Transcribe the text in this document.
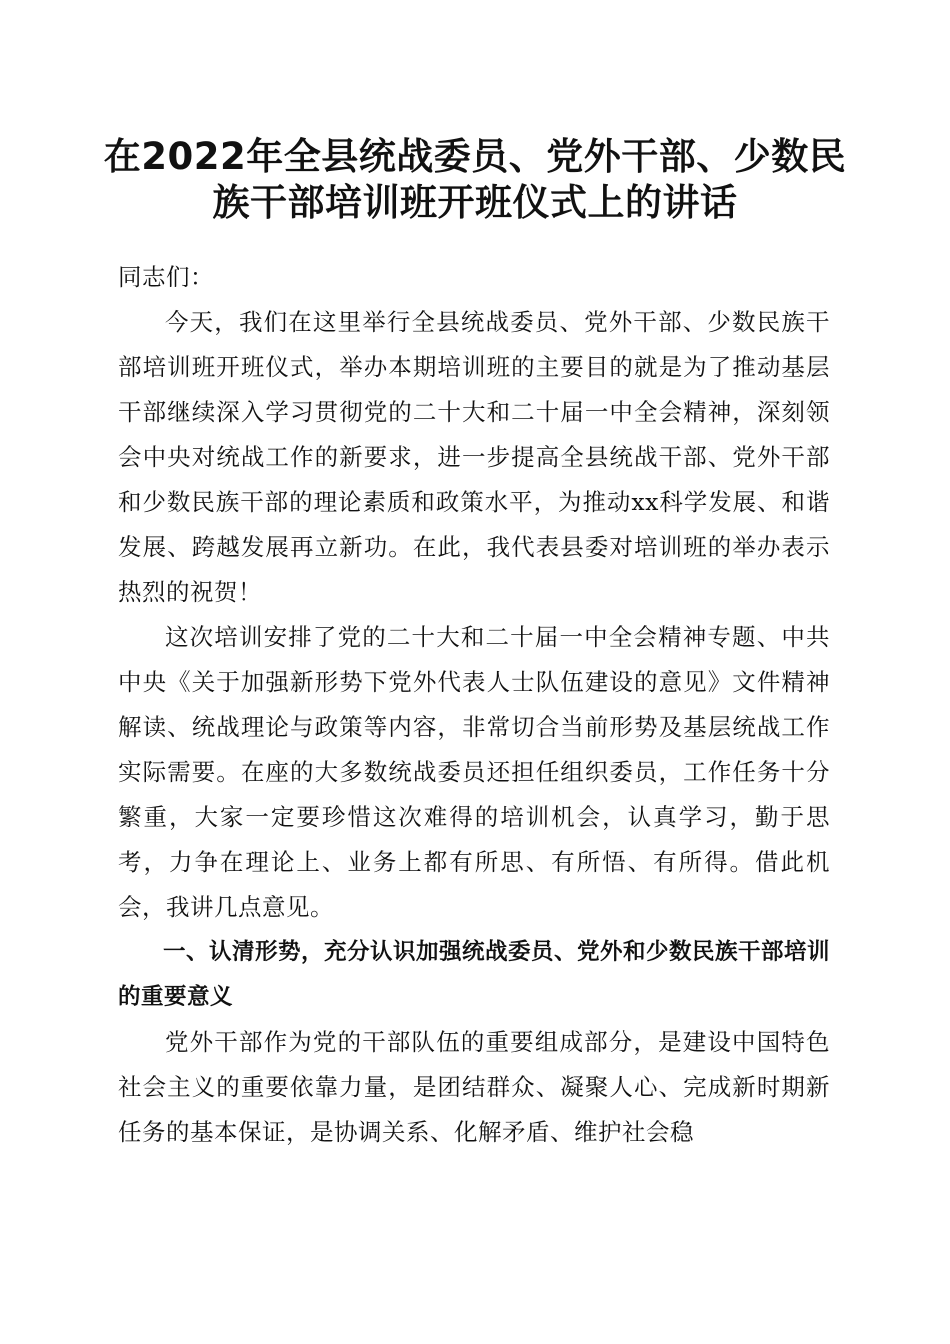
在2022年全县统战委员、党外干部、少数民
族干部培训班开班仪式上的讲话

同志们：

今天，我们在这里举行全县统战委员、党外干部、少数民族干部培训班开班仪式，举办本期培训班的主要目的就是为了推动基层干部继续深入学习贯彻党的二十大和二十届一中全会精神，深刻领会中央对统战工作的新要求，进一步提高全县统战干部、党外干部和少数民族干部的理论素质和政策水平，为推动xx科学发展、和谐发展、跨越发展再立新功。在此，我代表县委对培训班的举办表示热烈的祝贺！

这次培训安排了党的二十大和二十届一中全会精神专题、中共中央《关于加强新形势下党外代表人士队伍建设的意见》文件精神解读、统战理论与政策等内容，非常切合当前形势及基层统战工作实际需要。在座的大多数统战委员还担任组织委员，工作任务十分繁重，大家一定要珍惜这次难得的培训机会，认真学习，勤于思考，力争在理论上、业务上都有所思、有所悟、有所得。借此机会，我讲几点意见。

一、认清形势，充分认识加强统战委员、党外和少数民族干部培训的重要意义

党外干部作为党的干部队伍的重要组成部分，是建设中国特色社会主义的重要依靠力量，是团结群众、凝聚人心、完成新时期新任务的基本保证，是协调关系、化解矛盾、维护社会稳
